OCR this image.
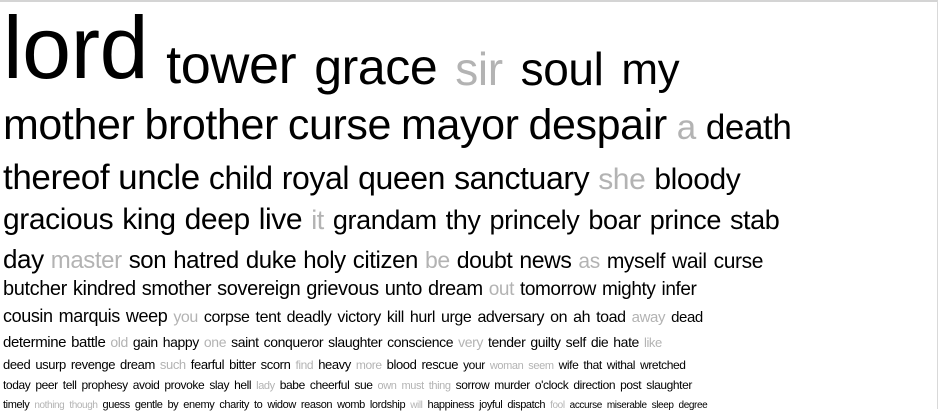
lord tower grace sir soul my
mother brother curse mayor despair a death
thereof uncle child royal queen sanctuary she bloody
gracious king deep live it grandam thy princely boar prince stab
day master son hatred duke holy citizen be doubt news as myself wail curse
butcher kindred smother sovereign grievous unto dream out tomorrow mighty infer
cousin marquis weep you corpse tent deadly victory kill hurl urge adversary on ah toad away dead
determine battle old gain happy one saint conqueror slaughter conscience very tender guilty self die hate like
deed usurp revenge dream such fearful bitter scorn find heavy more blood rescue your woman seem wife that withal wretched
today peer tell prophesy avoid provoke slay hell lady babe cheerful sue own must thing sorrow murder o'clock direction post slaughter
timely nothing though guess gentle by enemy charity to widow reason womb lordship will happiness joyful dispatch fool accurse miserable sleep degree
